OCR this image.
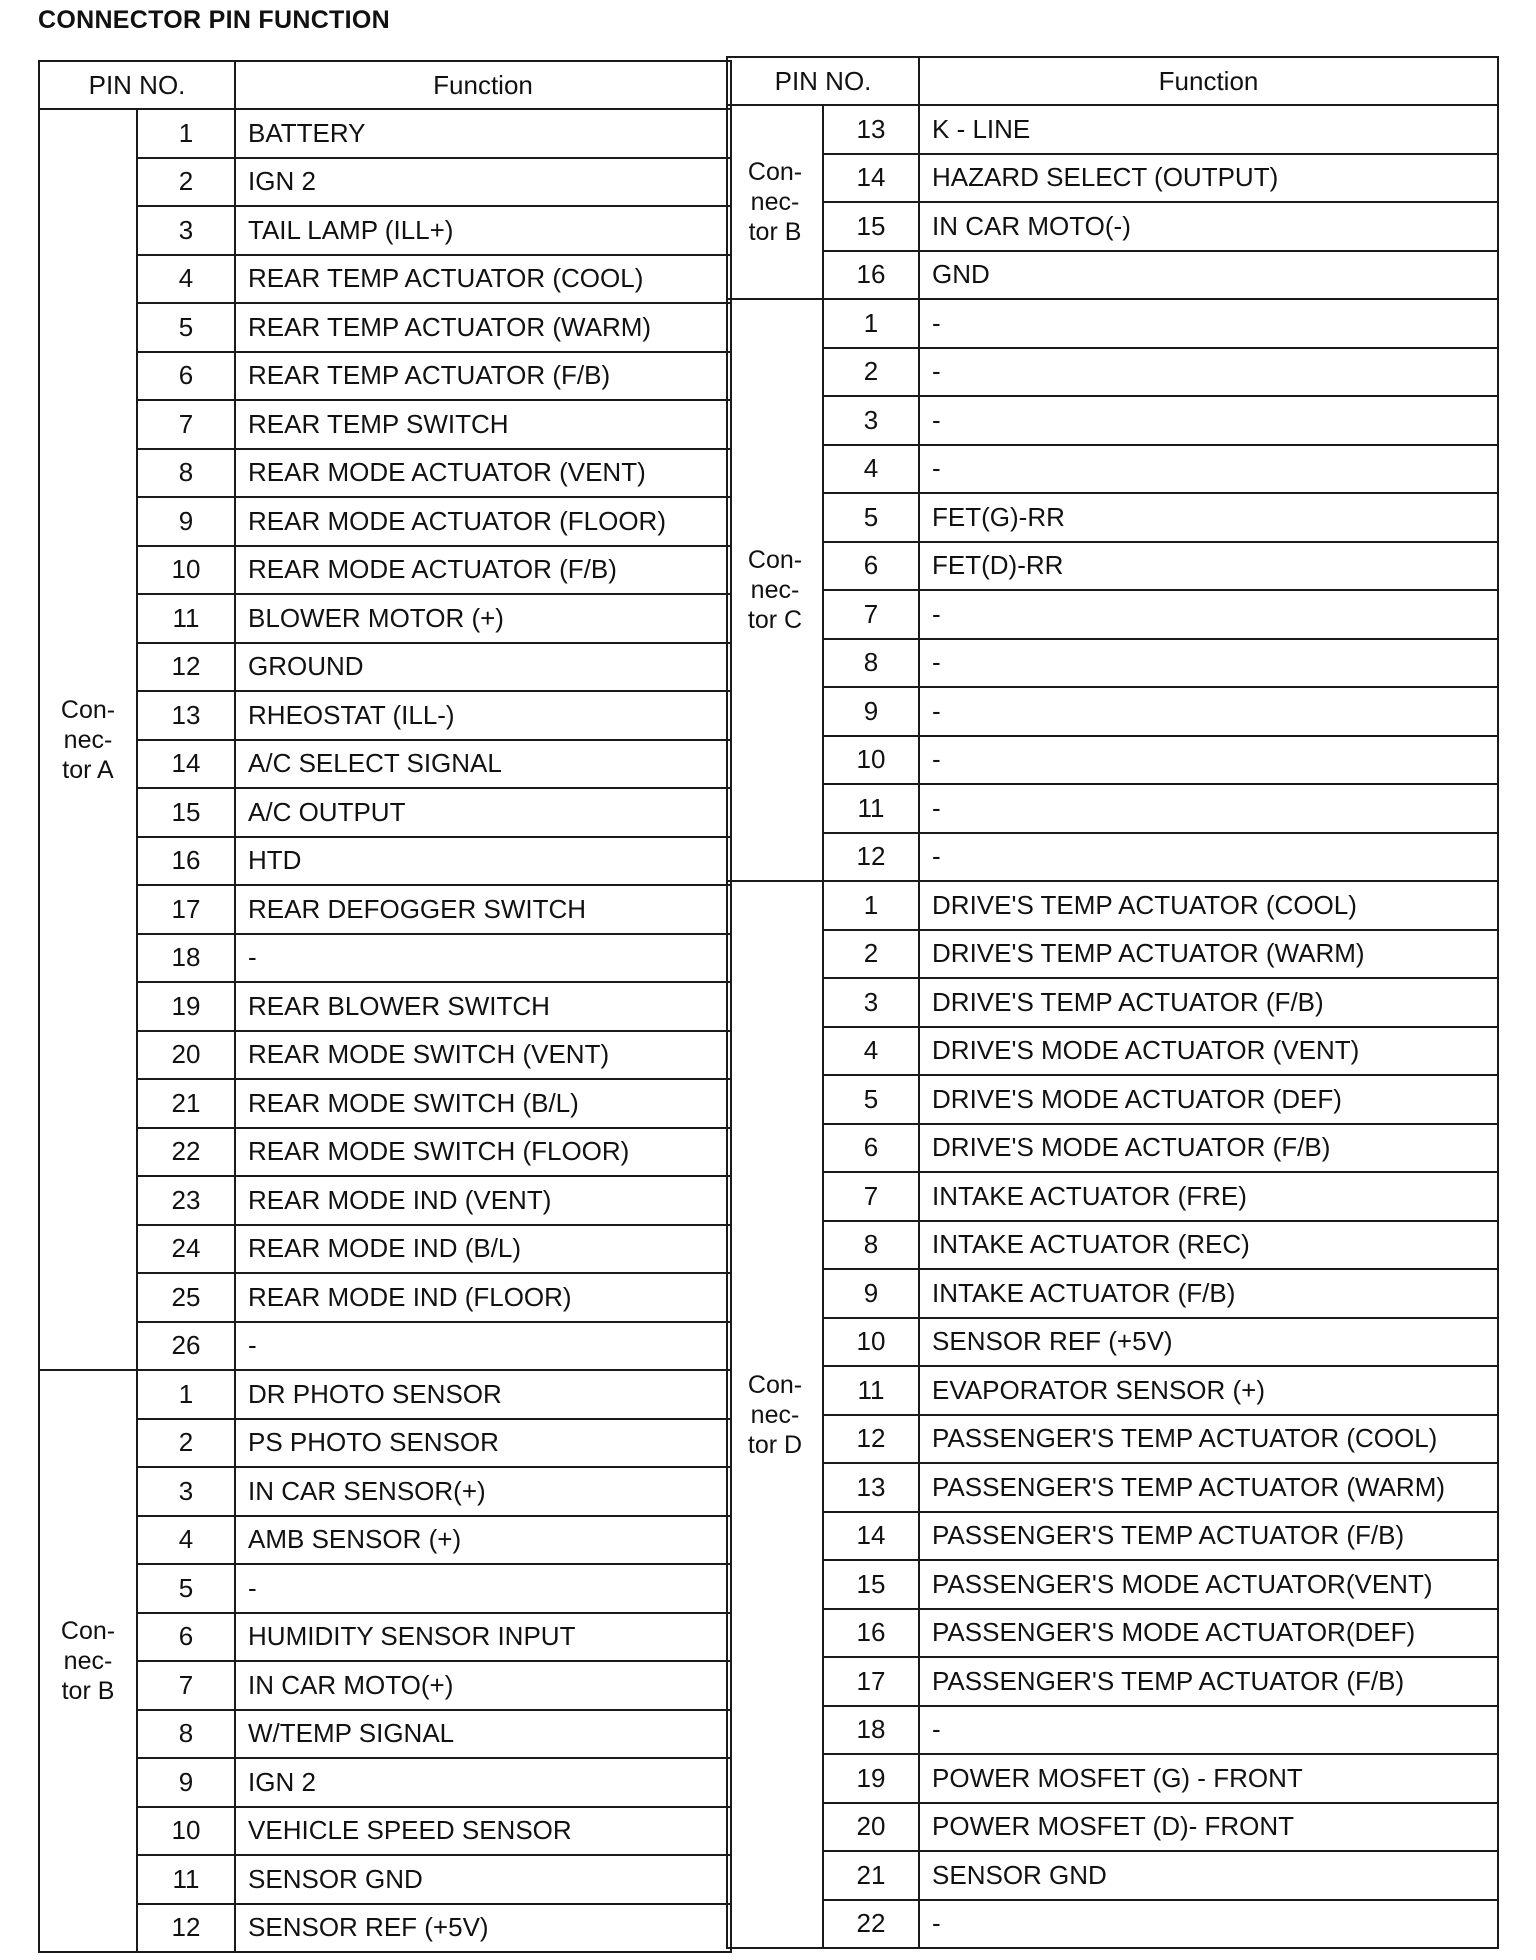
CONNECTOR PIN FUNCTION
PIN NO.		Function

Con-
nec-
tor A	1	BATTERY
	2	IGN 2
	3	TAIL LAMP (ILL+)
	4	REAR TEMP ACTUATOR (COOL)
	5	REAR TEMP ACTUATOR (WARM)
	6	REAR TEMP ACTUATOR (F/B)
	7	REAR TEMP SWITCH
	8	REAR MODE ACTUATOR (VENT)
	9	REAR MODE ACTUATOR (FLOOR)
	10	REAR MODE ACTUATOR (F/B)
	11	BLOWER MOTOR (+)
	12	GROUND
	13	RHEOSTAT (ILL-)
	14	A/C SELECT SIGNAL
	15	A/C OUTPUT
	16	HTD
	17	REAR DEFOGGER SWITCH
	18	-
	19	REAR BLOWER SWITCH
	20	REAR MODE SWITCH (VENT)
	21	REAR MODE SWITCH (B/L)
	22	REAR MODE SWITCH (FLOOR)
	23	REAR MODE IND (VENT)
	24	REAR MODE IND (B/L)
	25	REAR MODE IND (FLOOR)
	26	-

Con-
nec-
tor B	1	DR PHOTO SENSOR
	2	PS PHOTO SENSOR
	3	IN CAR SENSOR(+)
	4	AMB SENSOR (+)
	5	-
	6	HUMIDITY SENSOR INPUT
	7	IN CAR MOTO(+)
	8	W/TEMP SIGNAL
	9	IGN 2
	10	VEHICLE SPEED SENSOR
	11	SENSOR GND
	12	SENSOR REF (+5V)
PIN NO.		Function

Con-
nec-
tor B	13	K - LINE
	14	HAZARD SELECT (OUTPUT)
	15	IN CAR MOTO(-)
	16	GND

Con-
nec-
tor C	1	-
	2	-
	3	-
	4	-
	5	FET(G)-RR
	6	FET(D)-RR
	7	-
	8	-
	9	-
	10	-
	11	-
	12	-

Con-
nec-
tor D	1	DRIVE'S TEMP ACTUATOR (COOL)
	2	DRIVE'S TEMP ACTUATOR (WARM)
	3	DRIVE'S TEMP ACTUATOR (F/B)
	4	DRIVE'S MODE ACTUATOR (VENT)
	5	DRIVE'S MODE ACTUATOR (DEF)
	6	DRIVE'S MODE ACTUATOR (F/B)
	7	INTAKE ACTUATOR (FRE)
	8	INTAKE ACTUATOR (REC)
	9	INTAKE ACTUATOR (F/B)
	10	SENSOR REF (+5V)
	11	EVAPORATOR SENSOR (+)
	12	PASSENGER'S TEMP ACTUATOR (COOL)
	13	PASSENGER'S TEMP ACTUATOR (WARM)
	14	PASSENGER'S TEMP ACTUATOR (F/B)
	15	PASSENGER'S MODE ACTUATOR(VENT)
	16	PASSENGER'S MODE ACTUATOR(DEF)
	17	PASSENGER'S TEMP ACTUATOR (F/B)
	18	-
	19	POWER MOSFET (G) - FRONT
	20	POWER MOSFET (D)- FRONT
	21	SENSOR GND
	22	-
